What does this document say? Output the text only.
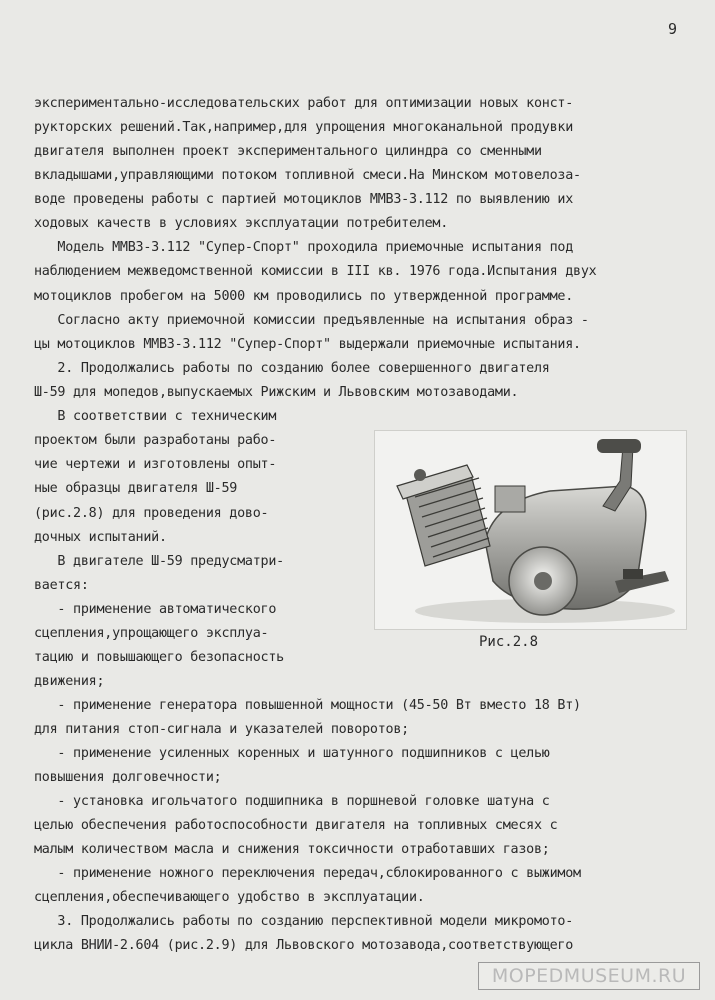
9
экспериментально-исследовательских работ для оптимизации новых конст-
рукторских решений.Так,например,для упрощения многоканальной продувки
двигателя выполнен проект экспериментального цилиндра со сменными
вкладышами,управляющими потоком топливной смеси.На Минском мотовелоза-
воде проведены работы с партией мотоциклов ММВЗ-3.112 по выявлению их
ходовых качеств в условиях эксплуатации потребителем.
Модель ММВЗ-3.112 "Супер-Спорт" проходила приемочные испытания под
наблюдением межведомственной комиссии в III кв. 1976 года.Испытания двух
мотоциклов пробегом на 5000 км проводились по утвержденной программе.
Согласно акту приемочной комиссии предъявленные на испытания образ -
цы мотоциклов ММВЗ-3.112 "Супер-Спорт" выдержали приемочные испытания.
2. Продолжались работы по созданию более совершенного двигателя
Ш-59 для мопедов,выпускаемых Рижским и Львовским мотозаводами.
В соответствии с техническим
проектом были разработаны рабо-
чие чертежи и изготовлены опыт-
ные образцы двигателя Ш-59
(рис.2.8) для проведения дово-
дочных испытаний.
В двигателе Ш-59 предусматри-
вается:
- применение автоматического
сцепления,упрощающего эксплуа-
тацию и повышающего безопасность
движения;
- применение генератора повышенной мощности (45-50 Вт вместо 18 Вт)
для питания стоп-сигнала и указателей поворотов;
- применение усиленных коренных и шатунного подшипников с целью
повышения долговечности;
- установка игольчатого подшипника в поршневой головке шатуна с
целью обеспечения работоспособности двигателя на топливных смесях с
малым количеством масла и снижения токсичности отработавших газов;
- применение ножного переключения передач,сблокированного с выжимом
сцепления,обеспечивающего удобство в эксплуатации.
3. Продолжались работы по созданию перспективной модели микромото-
цикла ВНИИ-2.604 (рис.2.9) для Львовского мотозавода,соответствующего
Рис.2.8
MOPEDMUSEUM.RU
